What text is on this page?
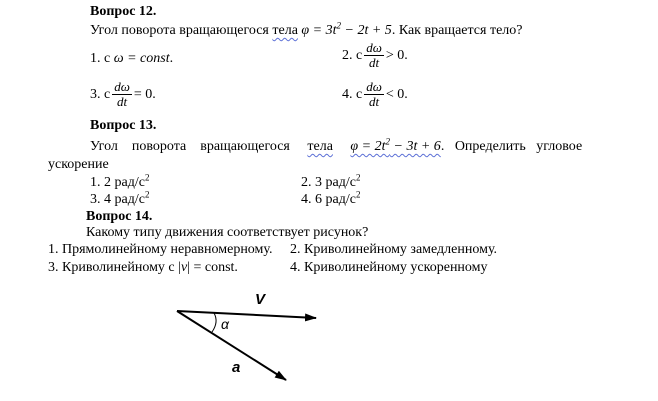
Вопрос 12.
Угол поворота вращающегося тела $\varphi = 3t^2 - 2t + 5$. Как вращается тело?
1. с ω = const.	2. с $\frac{d\omega}{dt} > 0$.
3. с $\frac{d\omega}{dt} = 0$.	4. с $\frac{d\omega}{dt} < 0$.
Вопрос 13.
Угол    поворота    вращающегося тела $\varphi = 2t^2 - 3t + 6$.   Определить   угловое
ускорение
1. 2 рад/$с^2$	2. 3 рад/$с^2$
3. 4 рад/$с^2$	4. 6 рад/$с^2$
Вопрос 14.
Какому типу движения соответствует рисунок?
1. Прямолинейному неравномерному. 2. Криволинейному замедленному.
3. Криволинейному с |v| = const.	4. Криволинейному ускоренному
V
α
a
